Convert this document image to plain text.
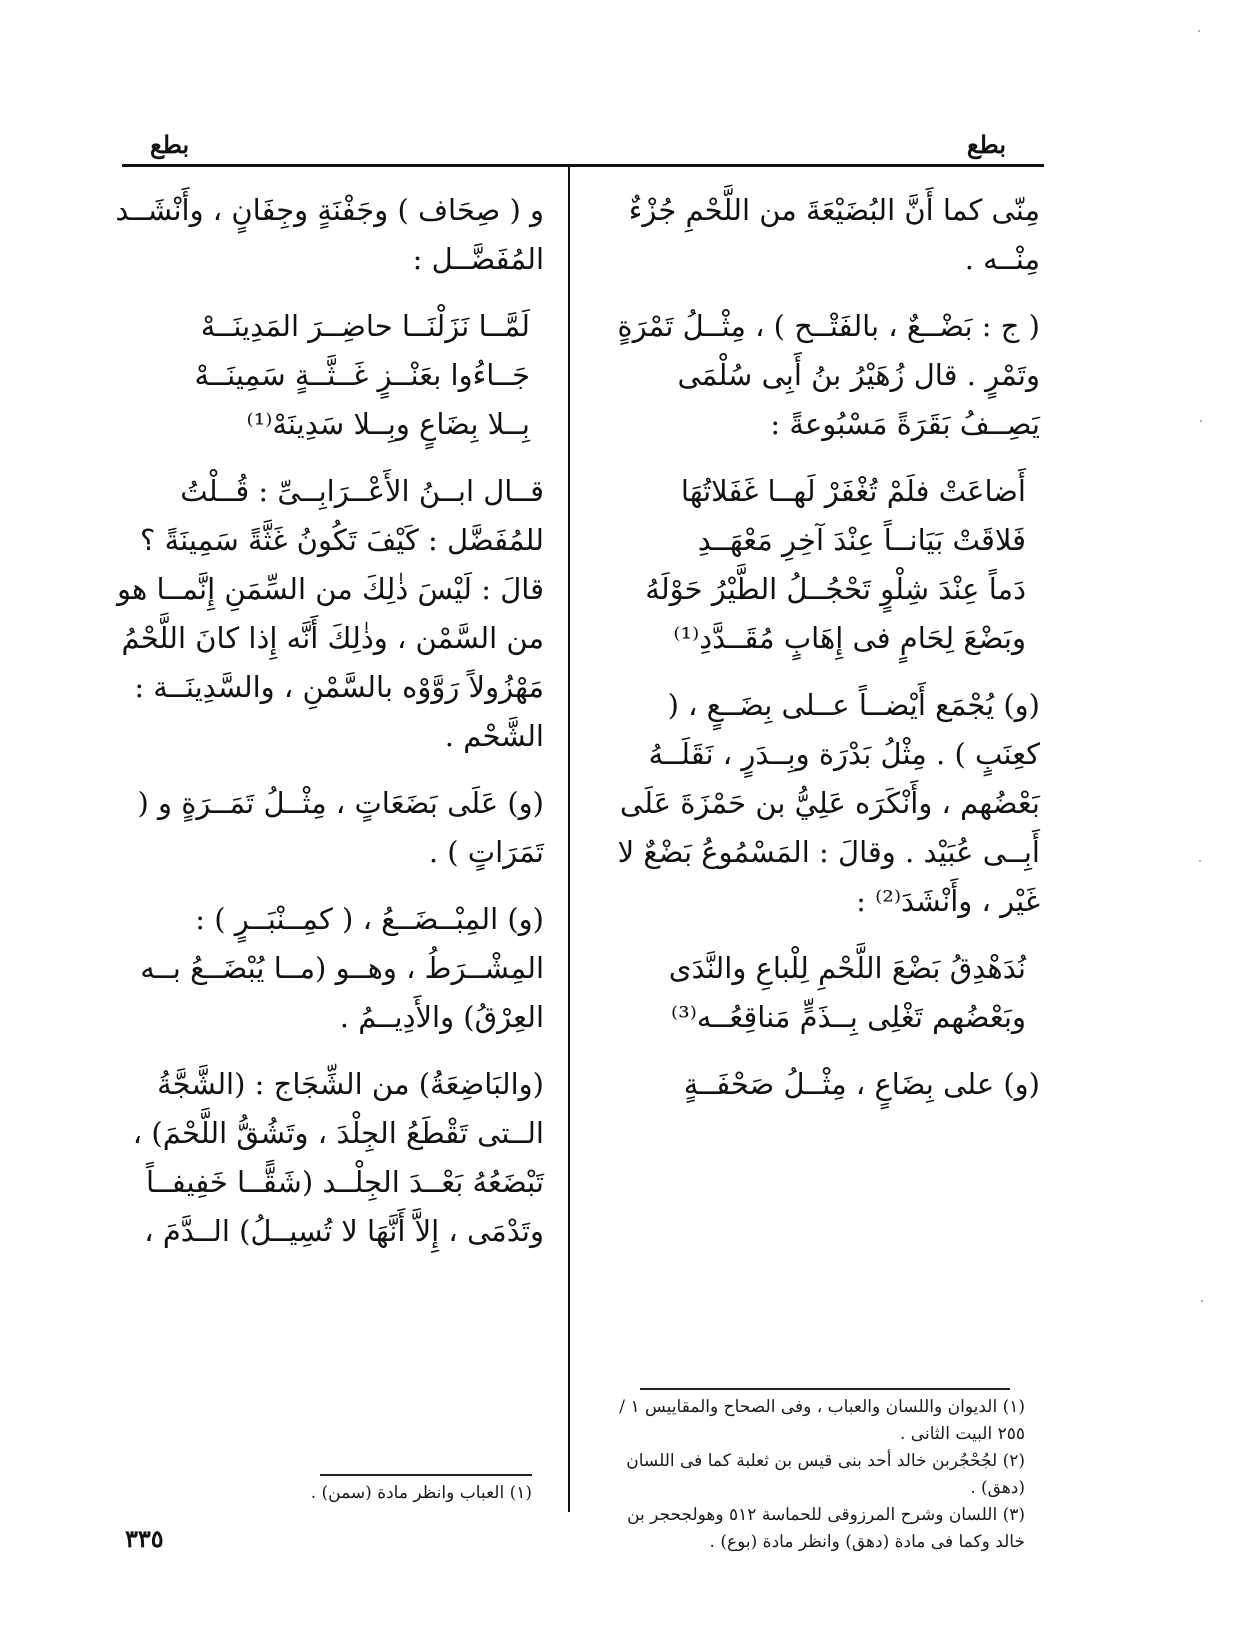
بطع
بطع

مِنّى كما أَنَّ البُضَيْعَةَ من اللَّحْمِ جُزْءٌ مِنْــه .

( ج : بَضْــعٌ ، بالفَتْــح ) ، مِثْــلُ تَمْرَةٍ وتَمْرٍ . قال زُهَيْرُ بنُ أَبِى سُلْمَى يَصِــفُ بَقَرَةً مَسْبُوعةً :

أَضاعَتْ فلَمْ تُغْفَرْ لَهــا غَفَلاتُهَا
فَلاقَتْ بَيَانــاً عِنْدَ آخِرِ مَعْهَــدِ
دَماً عِنْدَ شِلْوٍ تَحْجُــلُ الطَّيْرُ حَوْلَهُ
وبَضْعَ لِحَامٍ فى إِهَابٍ مُقَــدَّدِ⁽¹⁾

(و) يُجْمَع أَيْضــاً عــلى بِضَــعٍ ، ( كعِنَبٍ ) . مِثْلُ بَدْرَة وبِــدَرٍ ، نَقَلَــهُ بَعْضُهم ، وأَنْكَرَه عَلِيُّ بن حَمْزَةَ عَلَى أَبِــى عُبَيْد . وقالَ : المَسْمُوعُ بَضْعٌ لا غَيْر ، وأَنْشَدَ⁽²⁾ :

نُدَهْدِقُ بَضْعَ اللَّحْمِ لِلْباعِ والنَّدَى
وبَعْضُهم تَغْلِى بِــذَمٍّ مَناقِعُــه⁽³⁾

(و) على بِضَاعٍ ، مِثْــلُ صَحْفَــةٍ

و ( صِحَاف ) وجَفْنَةٍ وجِفَانٍ ، وأَنْشَــد المُفَضَّــل :

لَمَّــا نَزَلْنَــا حاضِــرَ المَدِينَــهْ
جَــاءُوا بعَنْــزٍ غَــثَّــةٍ سَمِينَــهْ
بِــلا بِضَاعٍ وبِــلا سَدِينَهْ⁽¹⁾

قــال ابــنُ الأَعْــرَابِــىِّ : قُــلْتُ للمُفَضَّل : كَيْفَ تَكُونُ غَثَّةً سَمِينَةً ؟ قالَ : لَيْسَ ذٰلِكَ من السِّمَنِ إِنَّمــا هو من السَّمْن ، وذٰلِكَ أَنَّه إِذا كانَ اللَّحْمُ مَهْزُولاً رَوَّوْه بالسَّمْنِ ، والسَّدِينَــة : الشَّحْم .

(و) عَلَى بَضَعَاتٍ ، مِثْــلُ تَمَــرَةٍ و ( تَمَرَاتٍ ) .

(و) المِبْــضَــعُ ، ( كمِــنْبَــرٍ ) : المِشْــرَطُ ، وهــو (مــا يُبْضَــعُ بــه العِرْقُ) والأَدِيــمُ .

(والبَاضِعَةُ) من الشِّجَاج : (الشَّجَّةُ الــتى تَقْطَعُ الجِلْدَ ، وتَشُقُّ اللَّحْمَ) ، تَبْضَعُهُ بَعْــدَ الجِلْــد (شَقًّــا خَفِيفــاً وتَدْمَى ، إِلاَّ أَنَّهَا لا تُسِيــلُ) الــدَّمَ ،

(١) الديوان واللسان والعباب ، وفى الصحاح والمقاييس ١ /٢٥٥ البيت الثانى .
(٢) لجُحْجُربن خالد أحد بنى قيس بن ثعلبة كما فى اللسان (دهق) .
(٣) اللسان وشرح المرزوقى للحماسة ٥١٢ وهولجحجر بن خالد وكما فى مادة (دهق) وانظر مادة (بوع) .
(١) العباب وانظر مادة (سمن) .
٣٣٥
